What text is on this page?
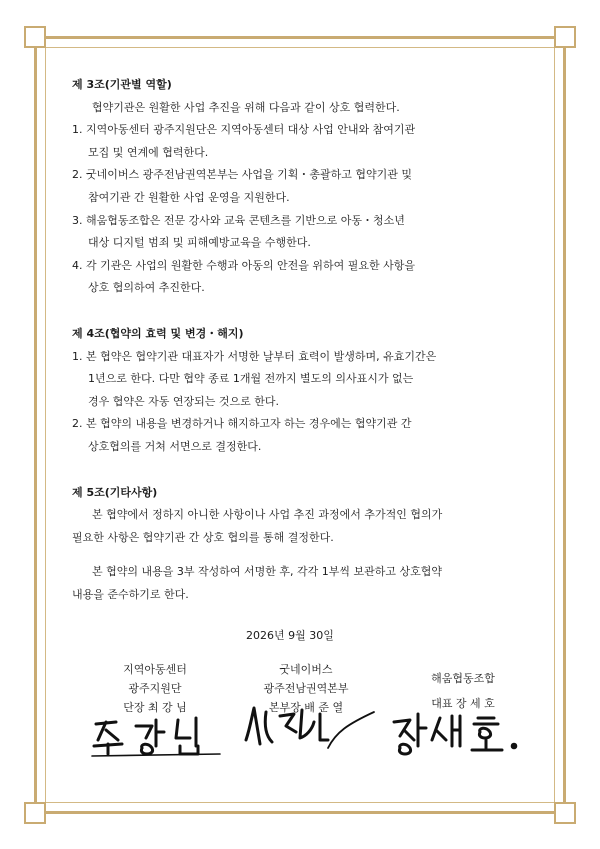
제 3조(기관별 역할)

협약기관은 원활한 사업 추진을 위해 다음과 같이 상호 협력한다.

1. 지역아동센터 광주지원단은 지역아동센터 대상 사업 안내와 참여기관

모집 및 연계에 협력한다.

2. 굿네이버스 광주전남권역본부는 사업을 기획・총괄하고 협약기관 및

참여기관 간 원활한 사업 운영을 지원한다.

3. 해움협동조합은 전문 강사와 교육 콘텐츠를 기반으로 아동・청소년

대상 디지털 범죄 및 피해예방교육을 수행한다.

4. 각 기관은 사업의 원활한 수행과 아동의 안전을 위하여 필요한 사항을

상호 협의하여 추진한다.

제 4조(협약의 효력 및 변경・해지)

1. 본 협약은 협약기관 대표자가 서명한 날부터 효력이 발생하며, 유효기간은

1년으로 한다. 다만 협약 종료 1개월 전까지 별도의 의사표시가 없는

경우 협약은 자동 연장되는 것으로 한다.

2. 본 협약의 내용을 변경하거나 해지하고자 하는 경우에는 협약기관 간

상호협의를 거쳐 서면으로 결정한다.

제 5조(기타사항)

본 협약에서 정하지 아니한 사항이나 사업 추진 과정에서 추가적인 협의가

필요한 사항은 협약기관 간 상호 협의를 통해 결정한다.

본 협약의 내용을 3부 작성하여 서명한 후, 각각 1부씩 보관하고 상호협약

내용을 준수하기로 한다.

2026년 9월 30일
지역아동센터
광주지원단
단장 최 강 님
굿네이버스
광주전남권역본부
본부장 배 준 열
해움협동조합
대표 장 세 호
